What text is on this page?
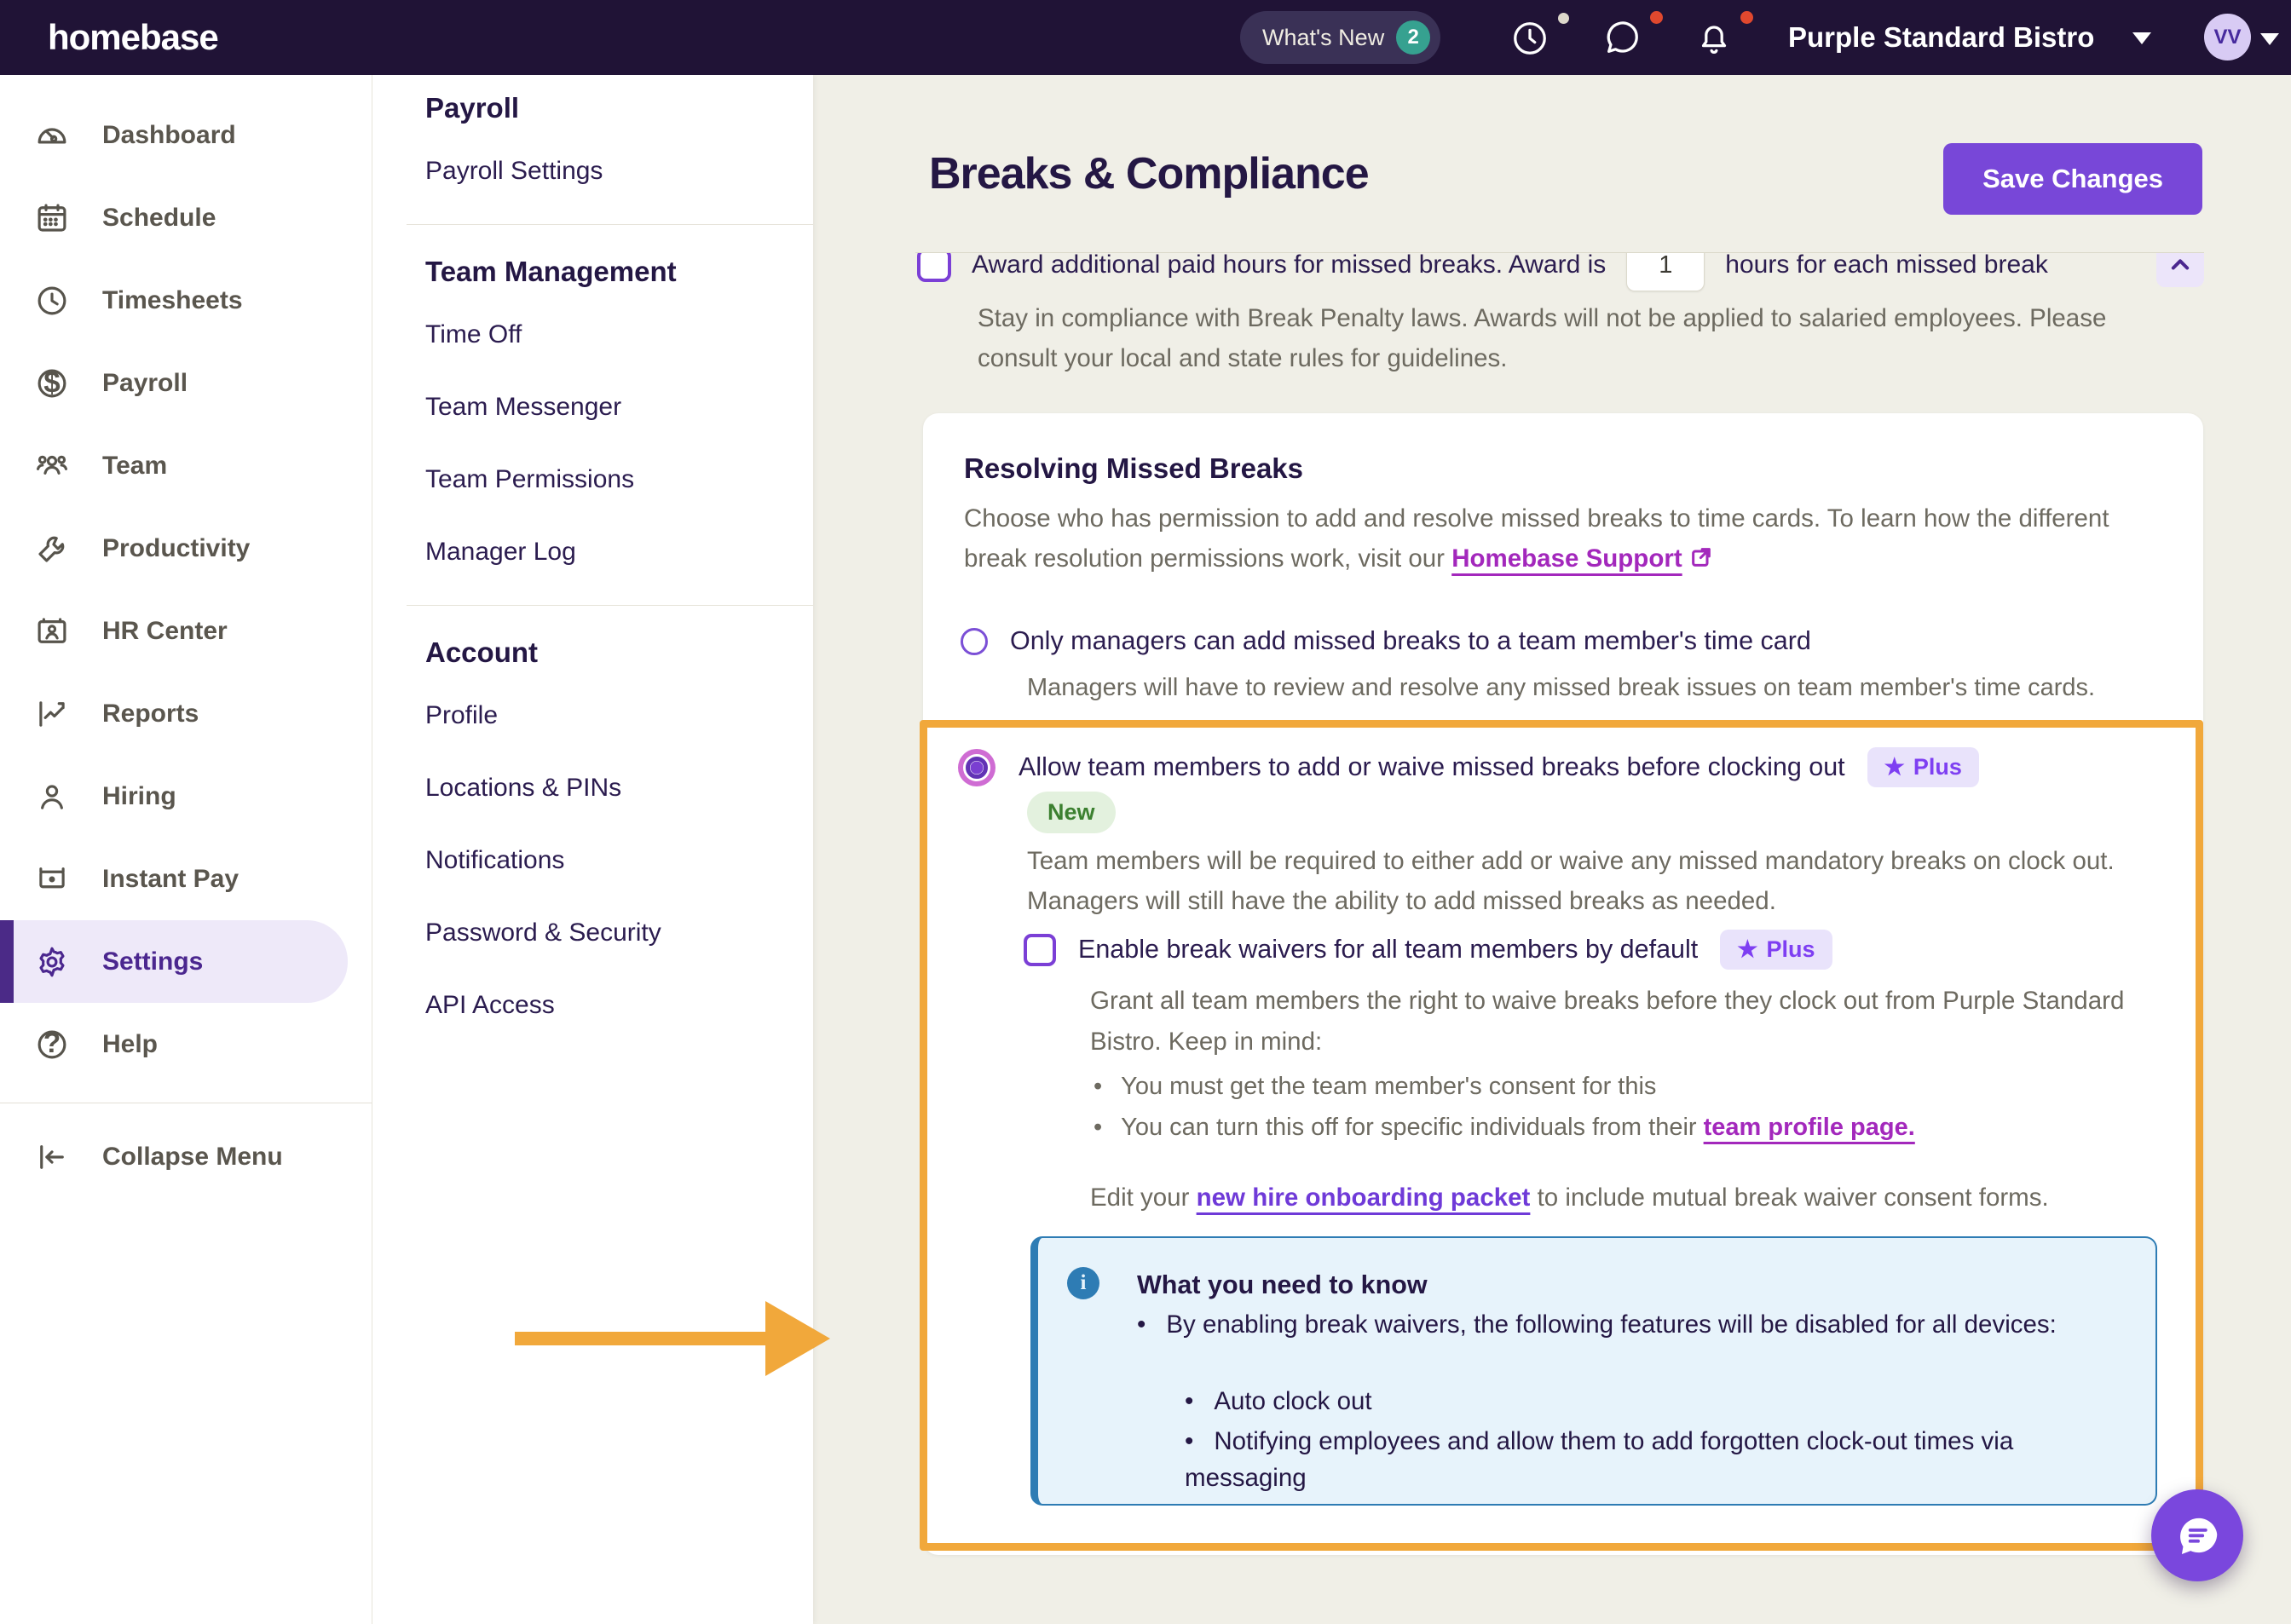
homebase	What's New	2	Purple Standard Bistro	VV
Dashboard
Schedule
Timesheets
$ Payroll
Team
Productivity
HR Center
Reports
Hiring
Instant Pay
Settings
? Help
Collapse Menu
Payroll
Payroll Settings
Team Management
Time Off
Team Messenger
Team Permissions
Manager Log
Account
Profile
Locations & PINs
Notifications
Password & Security
API Access
Breaks & Compliance	Save Changes
Award additional paid hours for missed breaks. Award is
1	hours for each missed break
Stay in compliance with Break Penalty laws. Awards will not be applied to salaried employees. Please consult your local and state rules for guidelines.
Resolving Missed Breaks
Choose who has permission to add and resolve missed breaks to time cards. To learn how the different break resolution permissions work, visit our Homebase Support
Only managers can add missed breaks to a team member's time card
Managers will have to review and resolve any missed break issues on team member's time cards.
Allow team members to add or waive missed breaks before clocking out ★ Plus
New
Team members will be required to either add or waive any missed mandatory breaks on clock out. Managers will still have the ability to add missed breaks as needed.
Enable break waivers for all team members by default ★ Plus
Grant all team members the right to waive breaks before they clock out from Purple Standard Bistro. Keep in mind:
• You must get the team member's consent for this
• You can turn this off for specific individuals from their team profile page.
Edit your new hire onboarding packet to include mutual break waiver consent forms.
i	What you need to know
• By enabling break waivers, the following features will be disabled for all devices:
• Auto clock out
• Notifying employees and allow them to add forgotten clock-out times via messaging
